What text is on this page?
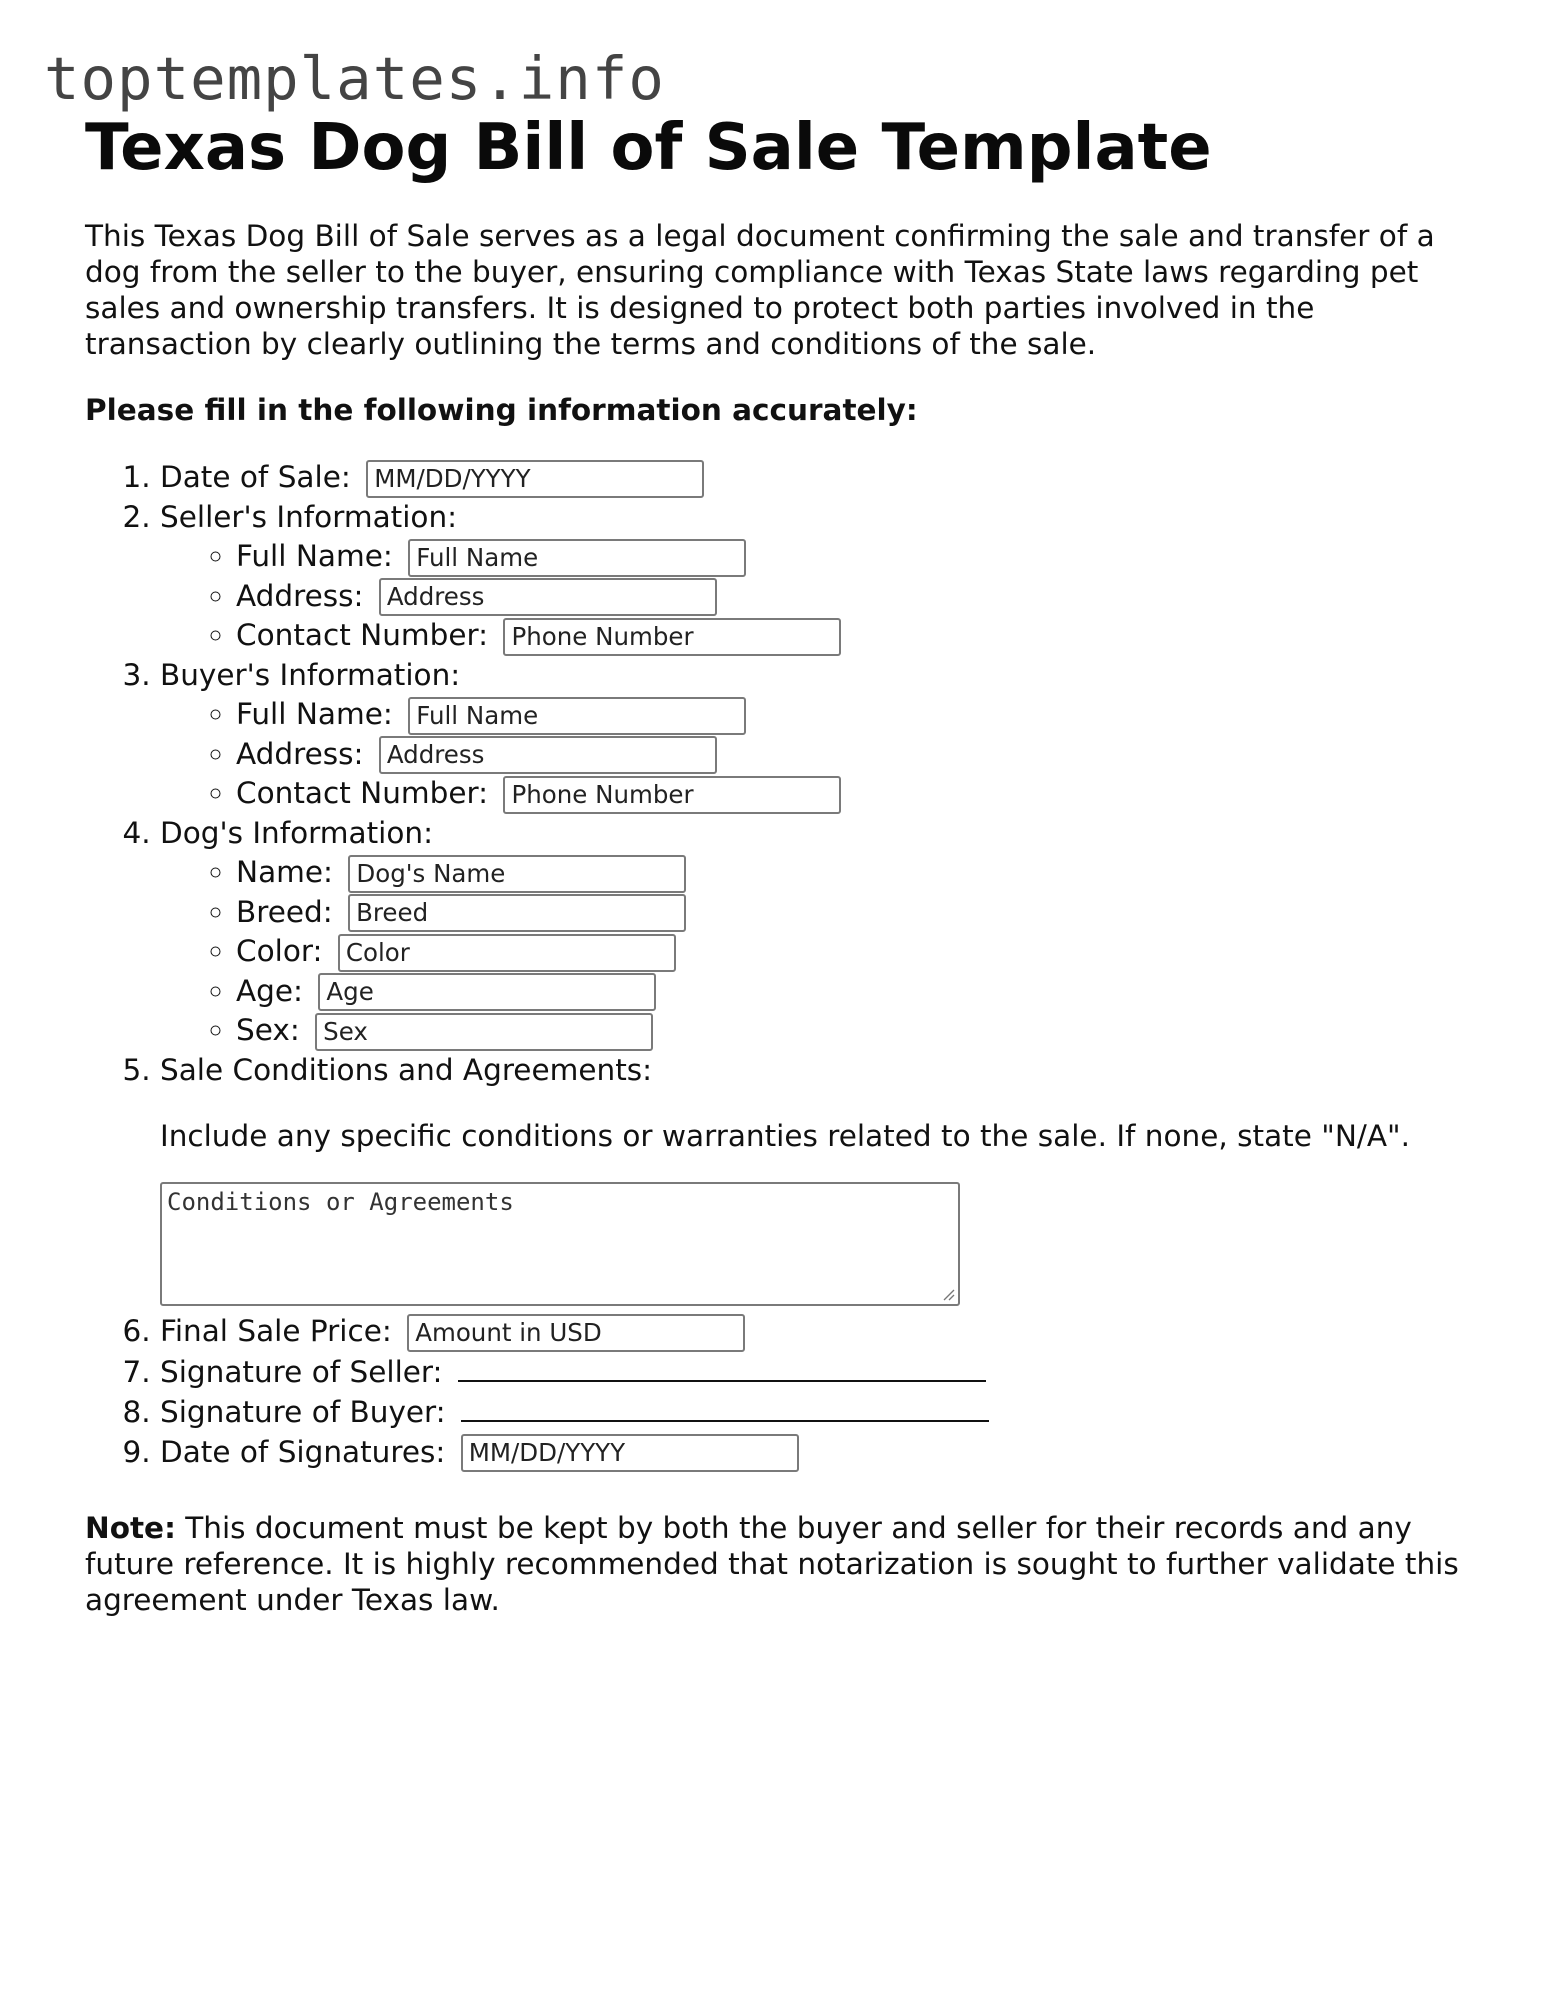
toptemplates.info
Texas Dog Bill of Sale Template

This Texas Dog Bill of Sale serves as a legal document confirming the sale and transfer of a dog from the seller to the buyer, ensuring compliance with Texas State laws regarding pet sales and ownership transfers. It is designed to protect both parties involved in the transaction by clearly outlining the terms and conditions of the sale.

Please fill in the following information accurately:

1. Date of Sale: MM/DD/YYYY
2. Seller's Information:
◦ Full Name: Full Name
◦ Address: Address
◦ Contact Number: Phone Number
3. Buyer's Information:
◦ Full Name: Full Name
◦ Address: Address
◦ Contact Number: Phone Number
4. Dog's Information:
◦ Name: Dog's Name
◦ Breed: Breed
◦ Color: Color
◦ Age: Age
◦ Sex: Sex
5. Sale Conditions and Agreements:

Include any specific conditions or warranties related to the sale. If none, state "N/A".

Conditions or Agreements
6. Final Sale Price: Amount in USD
7. Signature of Seller:
8. Signature of Buyer:
9. Date of Signatures: MM/DD/YYYY

Note: This document must be kept by both the buyer and seller for their records and any future reference. It is highly recommended that notarization is sought to further validate this agreement under Texas law.
